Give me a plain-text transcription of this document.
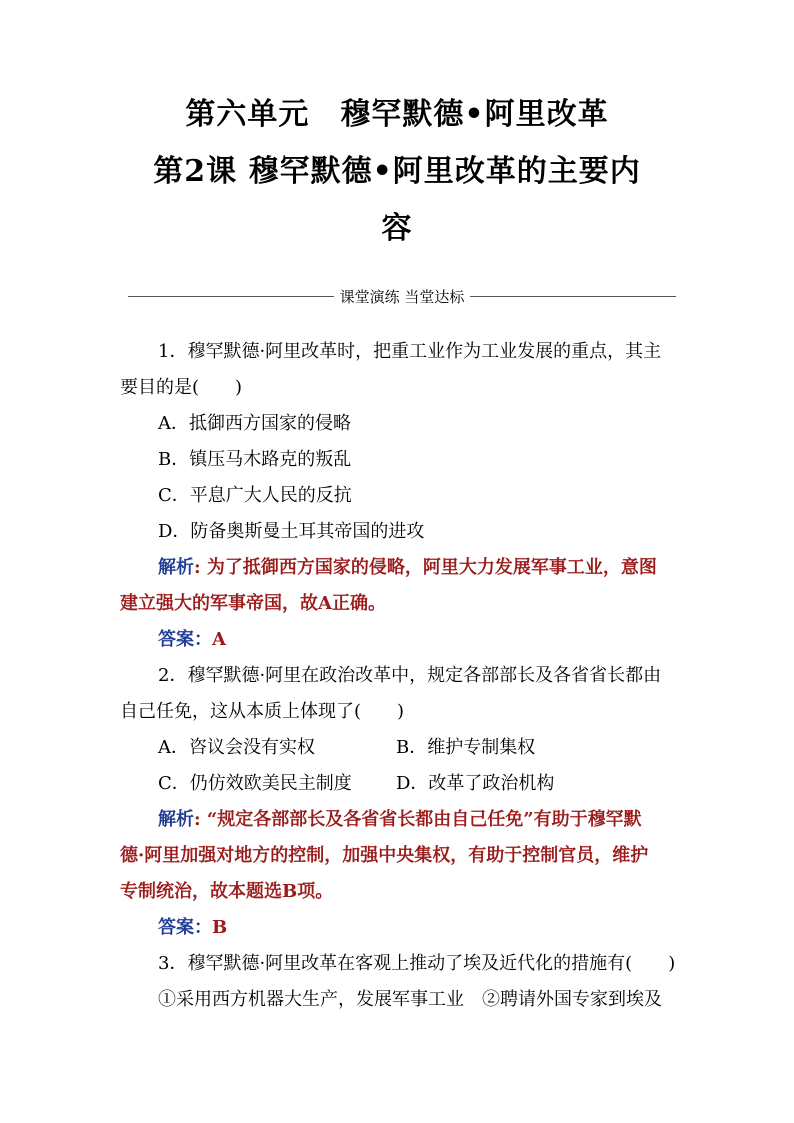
第六单元　穆罕默德•阿里改革
第2课 穆罕默德•阿里改革的主要内
容
课堂演练 当堂达标

1．穆罕默德·阿里改革时，把重工业作为工业发展的重点，其主

要目的是(　　)

A．抵御西方国家的侵略

B．镇压马木路克的叛乱

C．平息广大人民的反抗

D．防备奥斯曼土耳其帝国的进攻

解析: 为了抵御西方国家的侵略，阿里大力发展军事工业，意图

建立强大的军事帝国，故A正确。

答案：A

2．穆罕默德·阿里在政治改革中，规定各部部长及各省省长都由

自己任免，这从本质上体现了(　　)

A．咨议会没有实权	B．维护专制集权
C．仍仿效欧美民主制度	D．改革了政治机构

解析: “规定各部部长及各省省长都由自己任免”有助于穆罕默

德·阿里加强对地方的控制，加强中央集权，有助于控制官员，维护

专制统治，故本题选B项。

答案：B

3．穆罕默德·阿里改革在客观上推动了埃及近代化的措施有(　　)

①采用西方机器大生产，发展军事工业　②聘请外国专家到埃及
